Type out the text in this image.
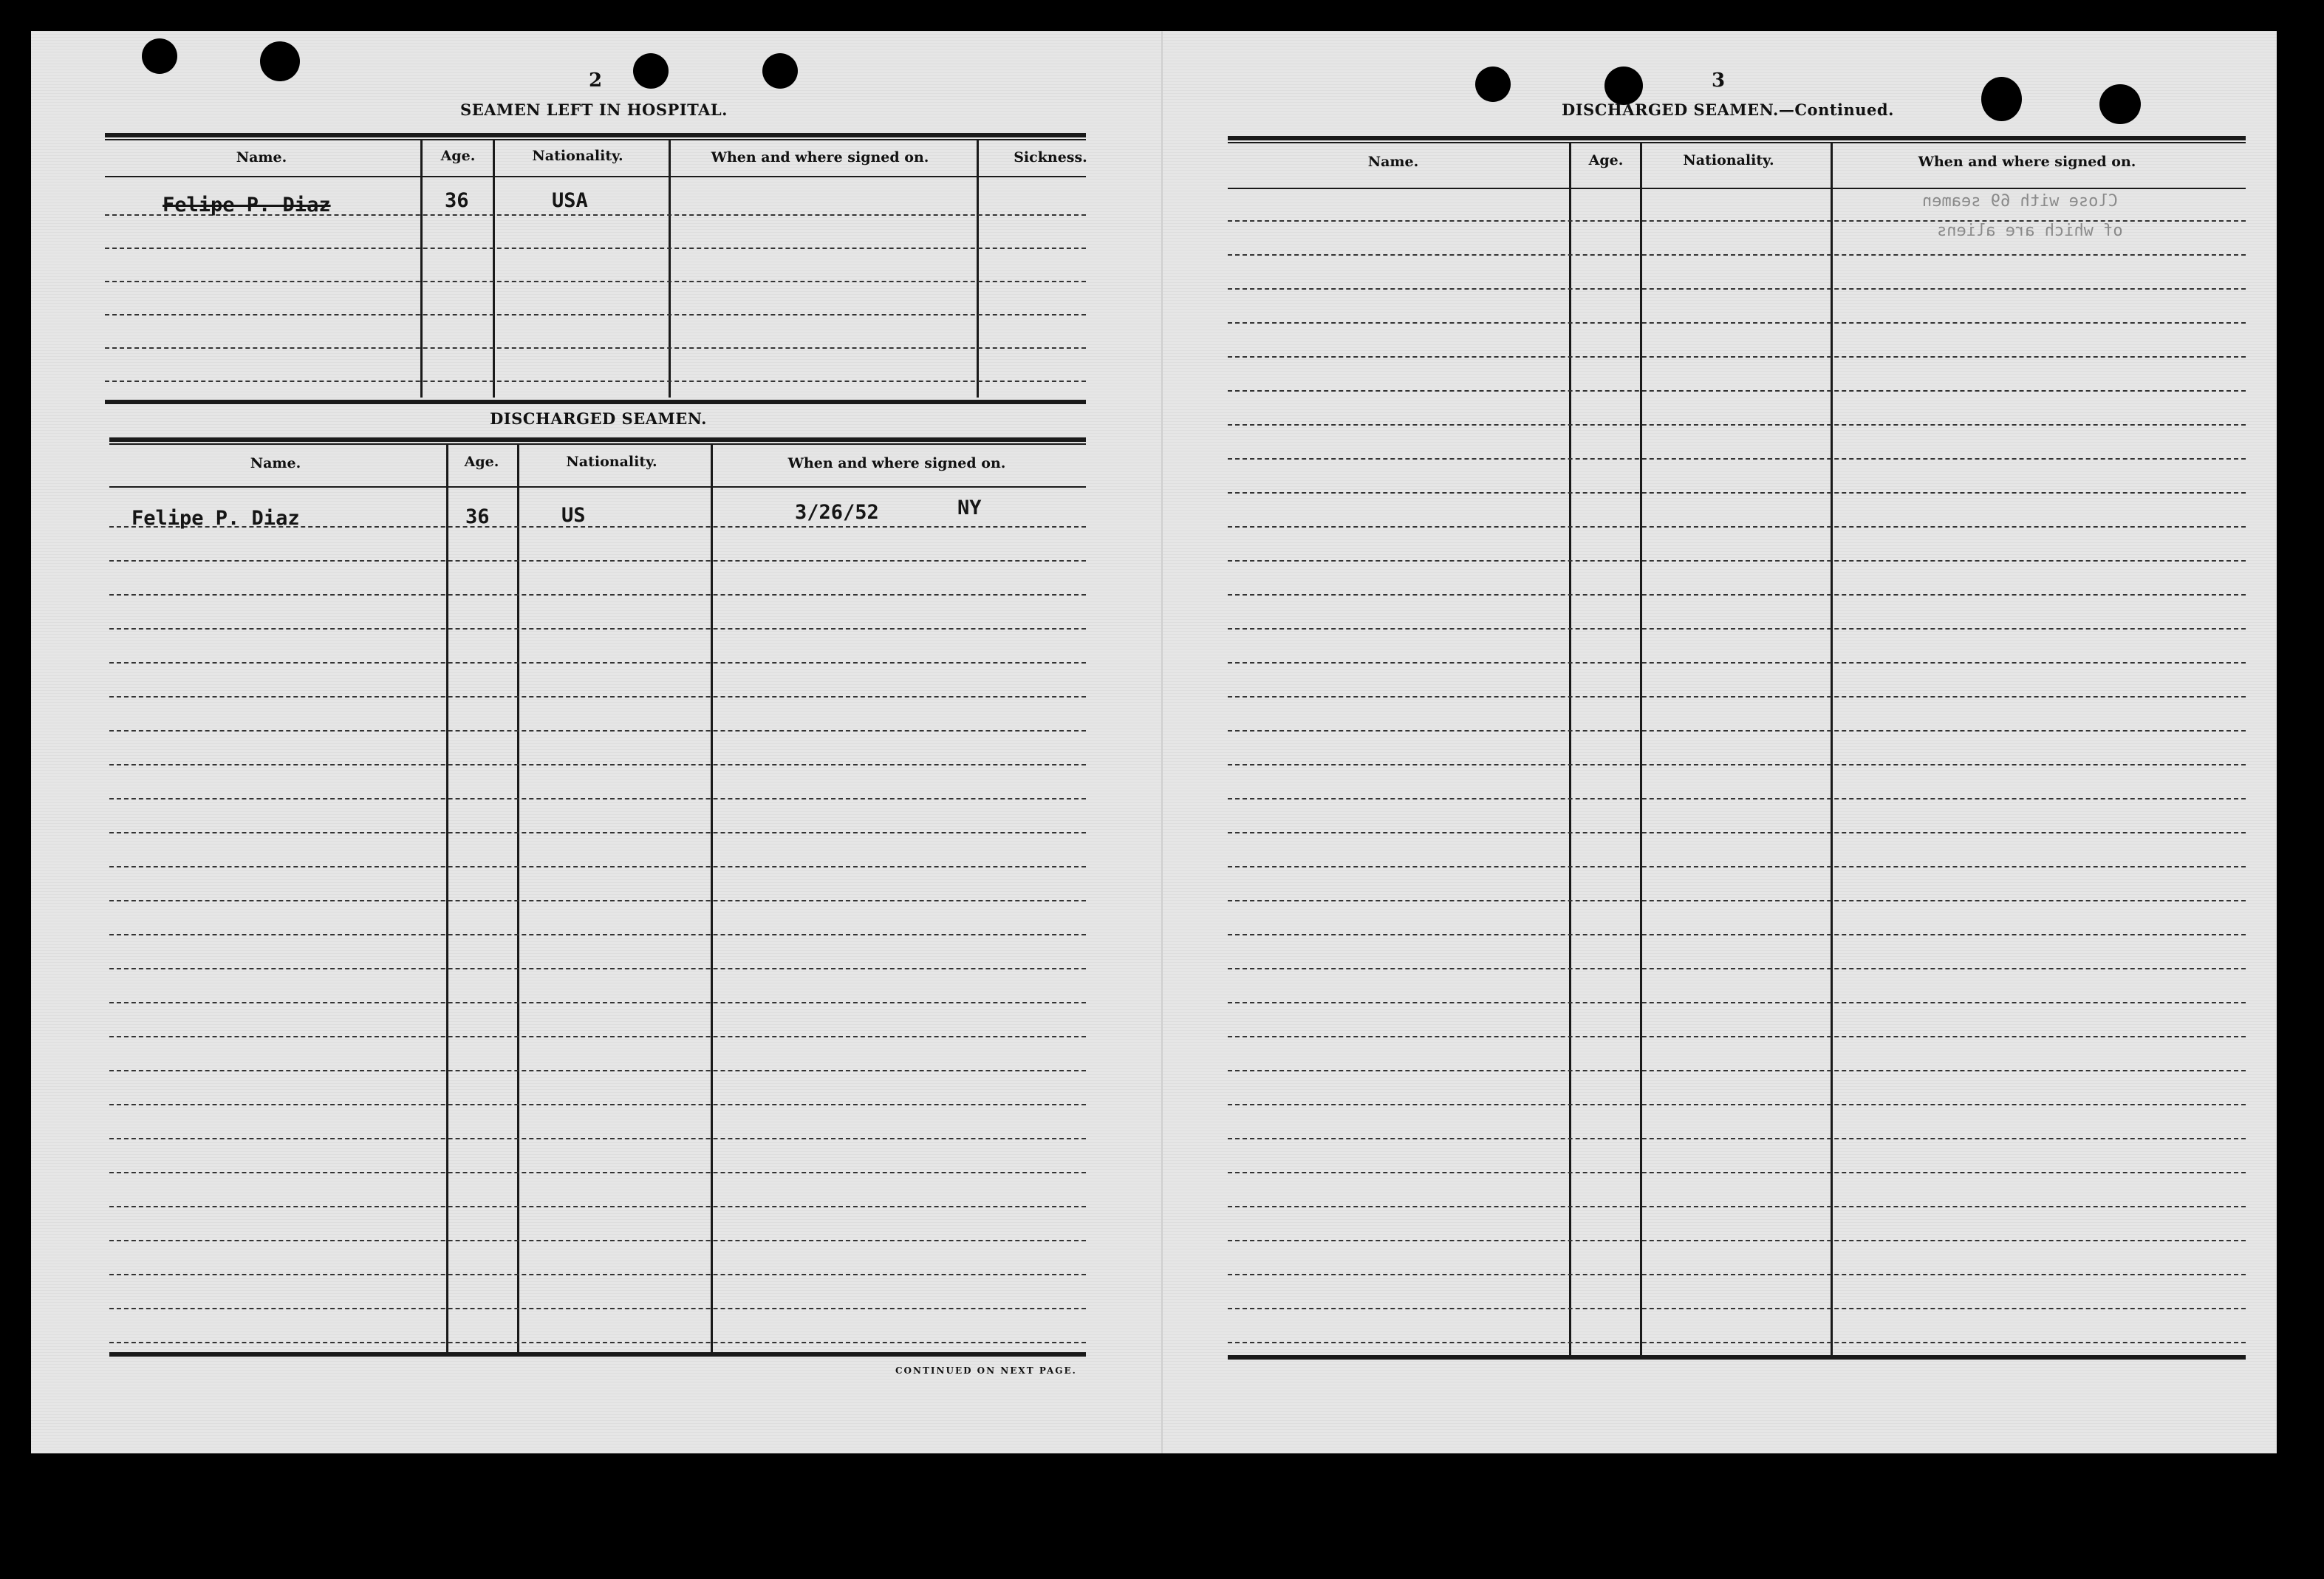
2
SEAMEN LEFT IN HOSPITAL.
Name.	Age.	Nationality.	When and where signed on.	Sickness.
Felipe P. Diaz	36	USA
DISCHARGED SEAMEN.
Name.	Age.	Nationality.	When and where signed on.
Felipe P. Diaz	36	US	3/26/52	NY
CONTINUED ON NEXT PAGE.
3
DISCHARGED SEAMEN.—Continued.
Close with 69 seamen
of which are aliens
Name.	Age.	Nationality.	When and where signed on.
